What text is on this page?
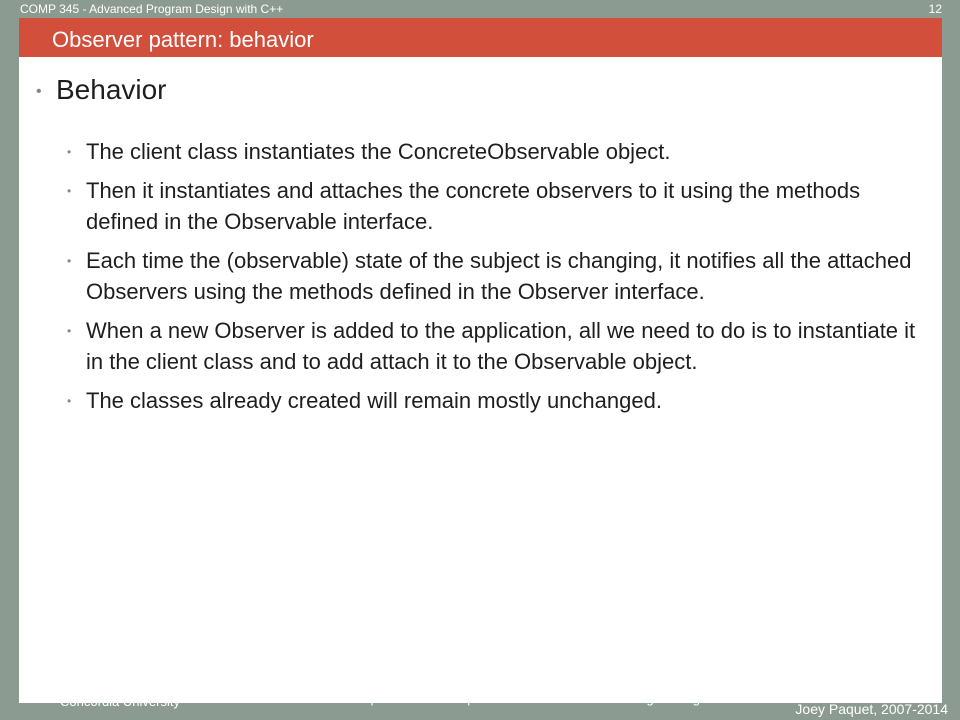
COMP 345 - Advanced Program Design with C++	12
Observer pattern: behavior
• Behavior
• The client class instantiates the ConcreteObservable object.
• Then it instantiates and attaches the concrete observers to it using the methods defined in the Observable interface.
• Each time the (observable) state of the subject is changing, it notifies all the attached Observers using the methods defined in the Observer interface.
• When a new Observer is added to the application, all we need to do is to instantiate it in the client class and to add attach it to the Observable object.
• The classes already created will remain mostly unchanged.
Concordia University	Department of Computer Science and Software Engineering
Joey Paquet, 2007-2014
